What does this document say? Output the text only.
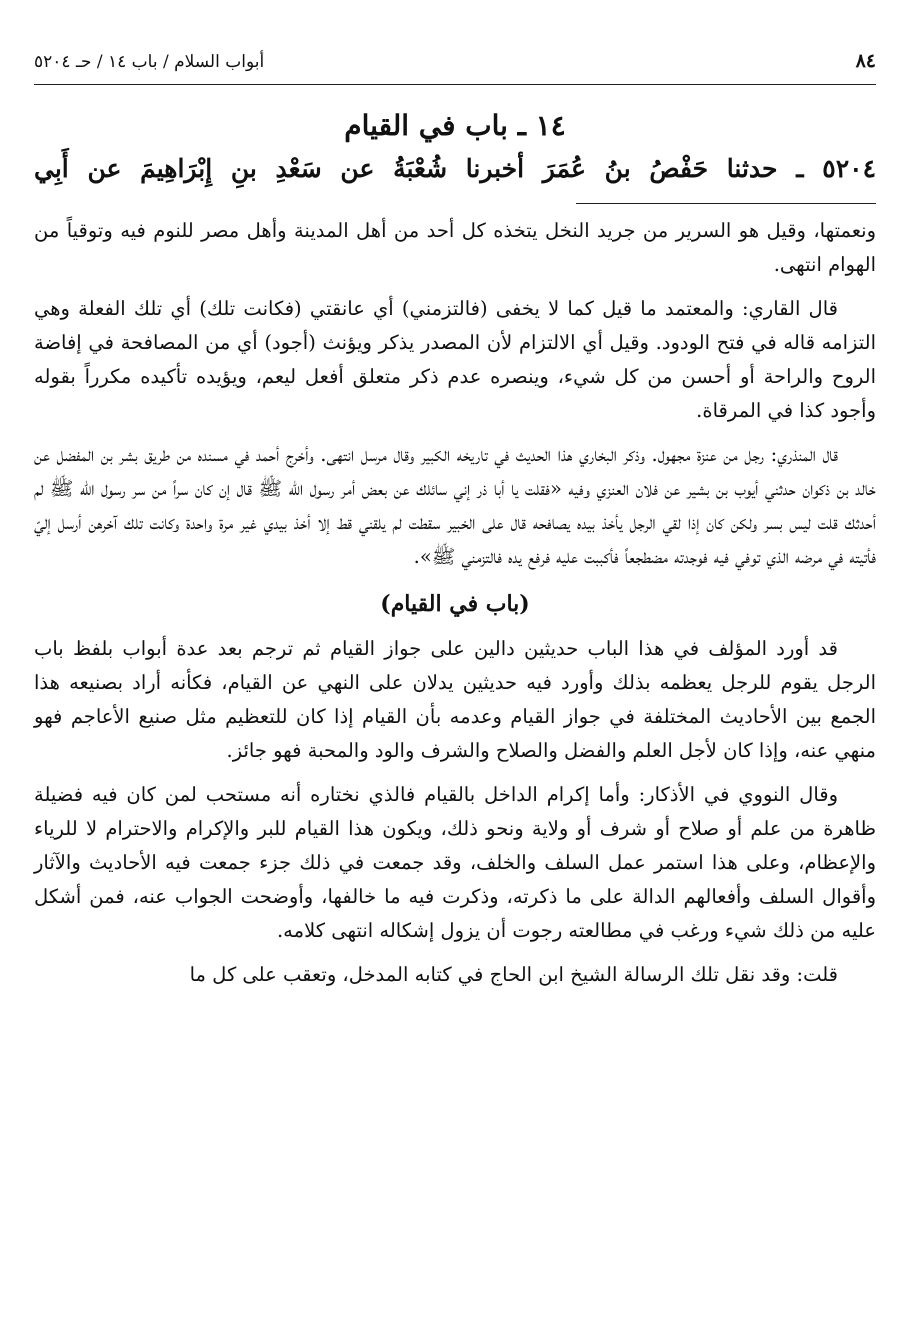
٨٤
أبواب السلام / باب ١٤ / حـ ٥٢٠٤
١٤ ـ باب في القيام
٥٢٠٤ ـ حدثنا حَفْصُ بنُ عُمَرَ أخبرنا شُعْبَةُ عن سَعْدِ بنِ إِبْرَاهِيمَ عن أَبِي

ونعمتها، وقيل هو السرير من جريد النخل يتخذه كل أحد من أهل المدينة وأهل مصر للنوم فيه وتوقياً من الهوام انتهى.

قال القاري: والمعتمد ما قيل كما لا يخفى (فالتزمني) أي عانقتي (فكانت تلك) أي تلك الفعلة وهي التزامه قاله في فتح الودود. وقيل أي الالتزام لأن المصدر يذكر ويؤنث (أجود) أي من المصافحة في إفاضة الروح والراحة أو أحسن من كل شيء، وينصره عدم ذكر متعلق أفعل ليعم، ويؤيده تأكيده مكرراً بقوله وأجود كذا في المرقاة.

قال المنذري: رجل من عنزة مجهول. وذكر البخاري هذا الحديث في تاريخه الكبير وقال مرسل انتهى. وأخرج أحمد في مسنده من طريق بشر بن المفضل عن خالد بن ذكوان حدثني أيوب بن بشير عن فلان العنزي وفيه «فقلت يا أبا ذر إني سائلك عن بعض أمر رسول الله ﷺ قال إن كان سراً من سر رسول الله ﷺ لم أحدثك قلت ليس بسر ولكن كان إذا لقي الرجل يأخذ بيده يصافحه قال على الخبير سقطت لم يلقني قط إلا أخذ بيدي غير مرة واحدة وكانت تلك آخرهن أرسل إليّ فأتيته في مرضه الذي توفي فيه فوجدته مضطجعاً فأكببت عليه فرفع يده فالتزمني ﷺ».

(باب في القيام)

قد أورد المؤلف في هذا الباب حديثين دالين على جواز القيام ثم ترجم بعد عدة أبواب بلفظ باب الرجل يقوم للرجل يعظمه بذلك وأورد فيه حديثين يدلان على النهي عن القيام، فكأنه أراد بصنيعه هذا الجمع بين الأحاديث المختلفة في جواز القيام وعدمه بأن القيام إذا كان للتعظيم مثل صنيع الأعاجم فهو منهي عنه، وإذا كان لأجل العلم والفضل والصلاح والشرف والود والمحبة فهو جائز.

وقال النووي في الأذكار: وأما إكرام الداخل بالقيام فالذي نختاره أنه مستحب لمن كان فيه فضيلة ظاهرة من علم أو صلاح أو شرف أو ولاية ونحو ذلك، ويكون هذا القيام للبر والإكرام والاحترام لا للرياء والإعظام، وعلى هذا استمر عمل السلف والخلف، وقد جمعت في ذلك جزء جمعت فيه الأحاديث والآثار وأقوال السلف وأفعالهم الدالة على ما ذكرته، وذكرت فيه ما خالفها، وأوضحت الجواب عنه، فمن أشكل عليه من ذلك شيء ورغب في مطالعته رجوت أن يزول إشكاله انتهى كلامه.

قلت: وقد نقل تلك الرسالة الشيخ ابن الحاج في كتابه المدخل، وتعقب على كل ما
